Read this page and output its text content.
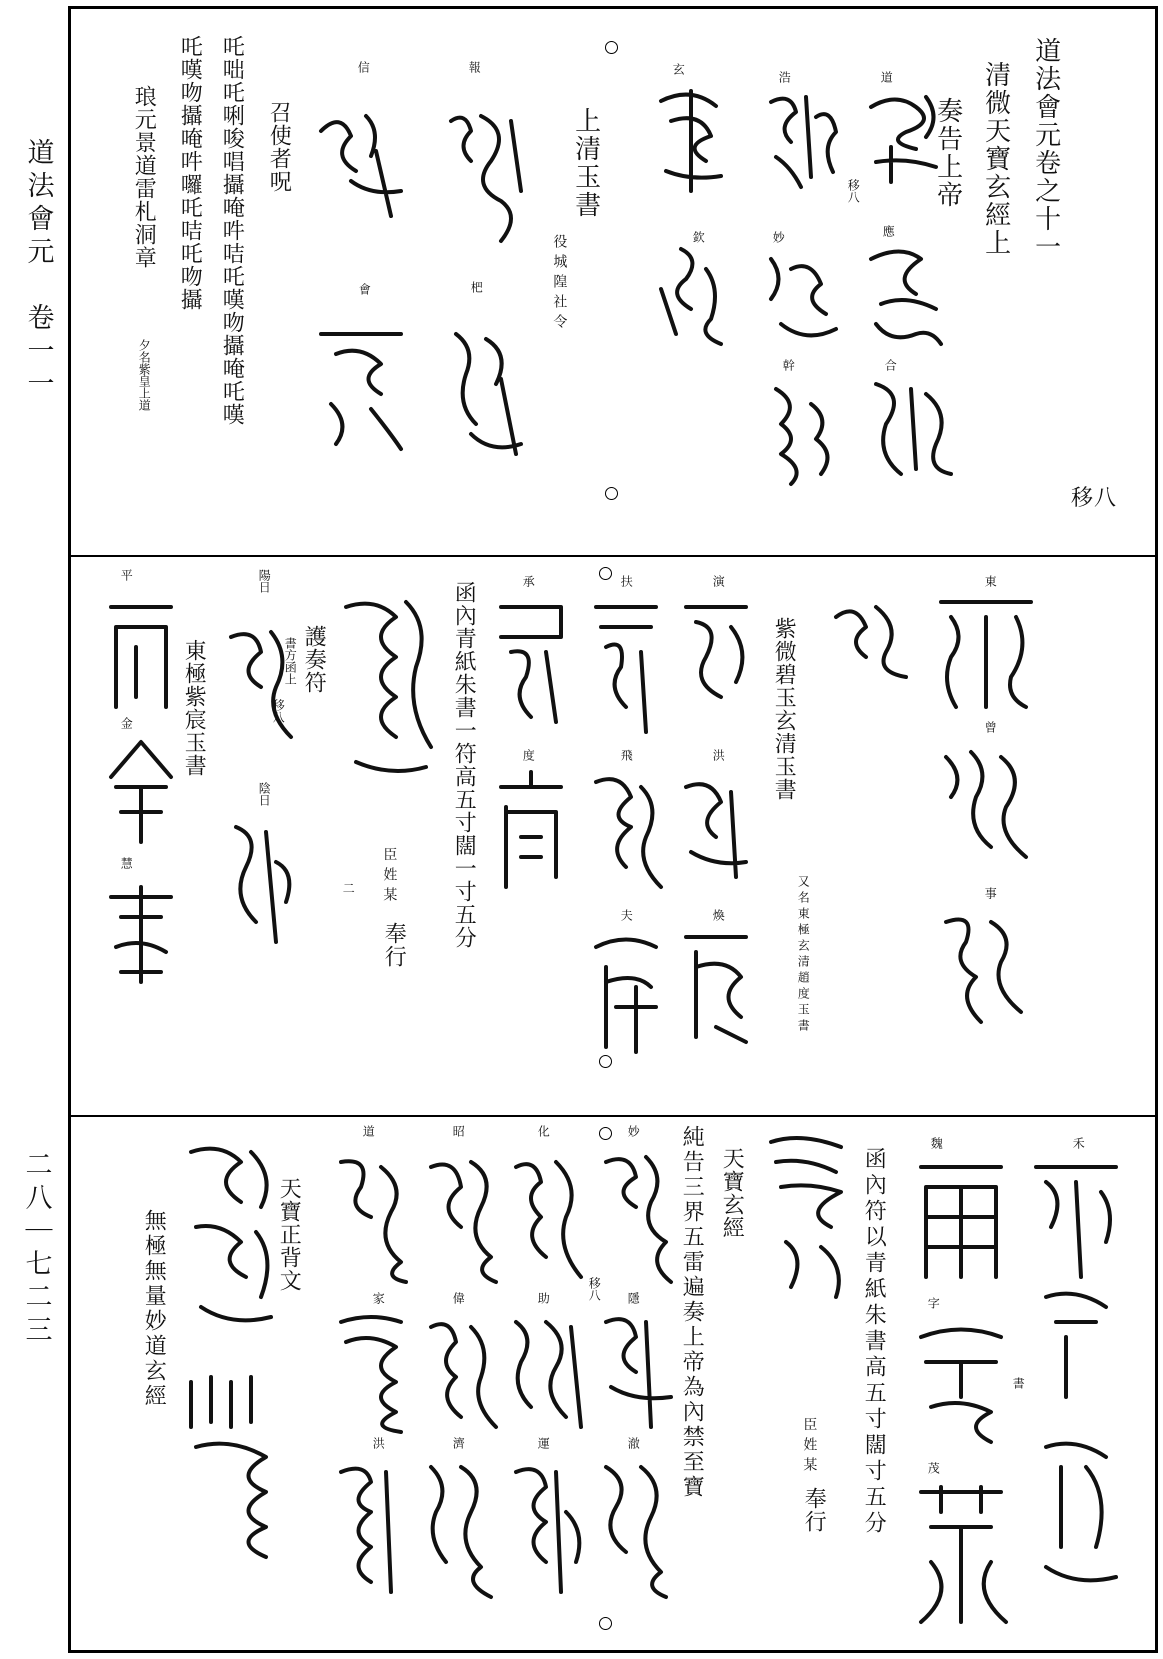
道法會元　卷一一
二八｜七二三
道法會元卷之十一
清微天寶玄經上
奏告上帝
道
浩
玄
應
妙
欽
合
幹
移八
上清玉書
役城隍社令
報
信
杷
會
召使者呪
吒咄吒唎唆唱攝唵吽咭吒嘆吻攝唵吒嘆
吒嘆吻攝唵吽囉吒咭吒吻攝
琅元景道雷札洞章
夕名紫皇上道
移八
東
曾
事
紫微碧玉玄清玉書
又名東極玄清趙度玉書
演
洪
煥
扶
飛
夫
承
度
函內青紙朱書一符高五寸闊一寸五分
臣姓某
奉行
護奏符
書方函上
移八
二
陽日
陰日
東極紫宸玉書
平
金
慧
禾
魏
字
茂
書
函內符以青紙朱書高五寸闊寸五分
臣姓某
奉行
天寶玄經
純告三界五雷遍奏上帝為內禁至寶
妙
化
昭
道
隱
助
偉
家
澈
運
濟
洪
移八
天寶正背文
無極無量妙道玄經
